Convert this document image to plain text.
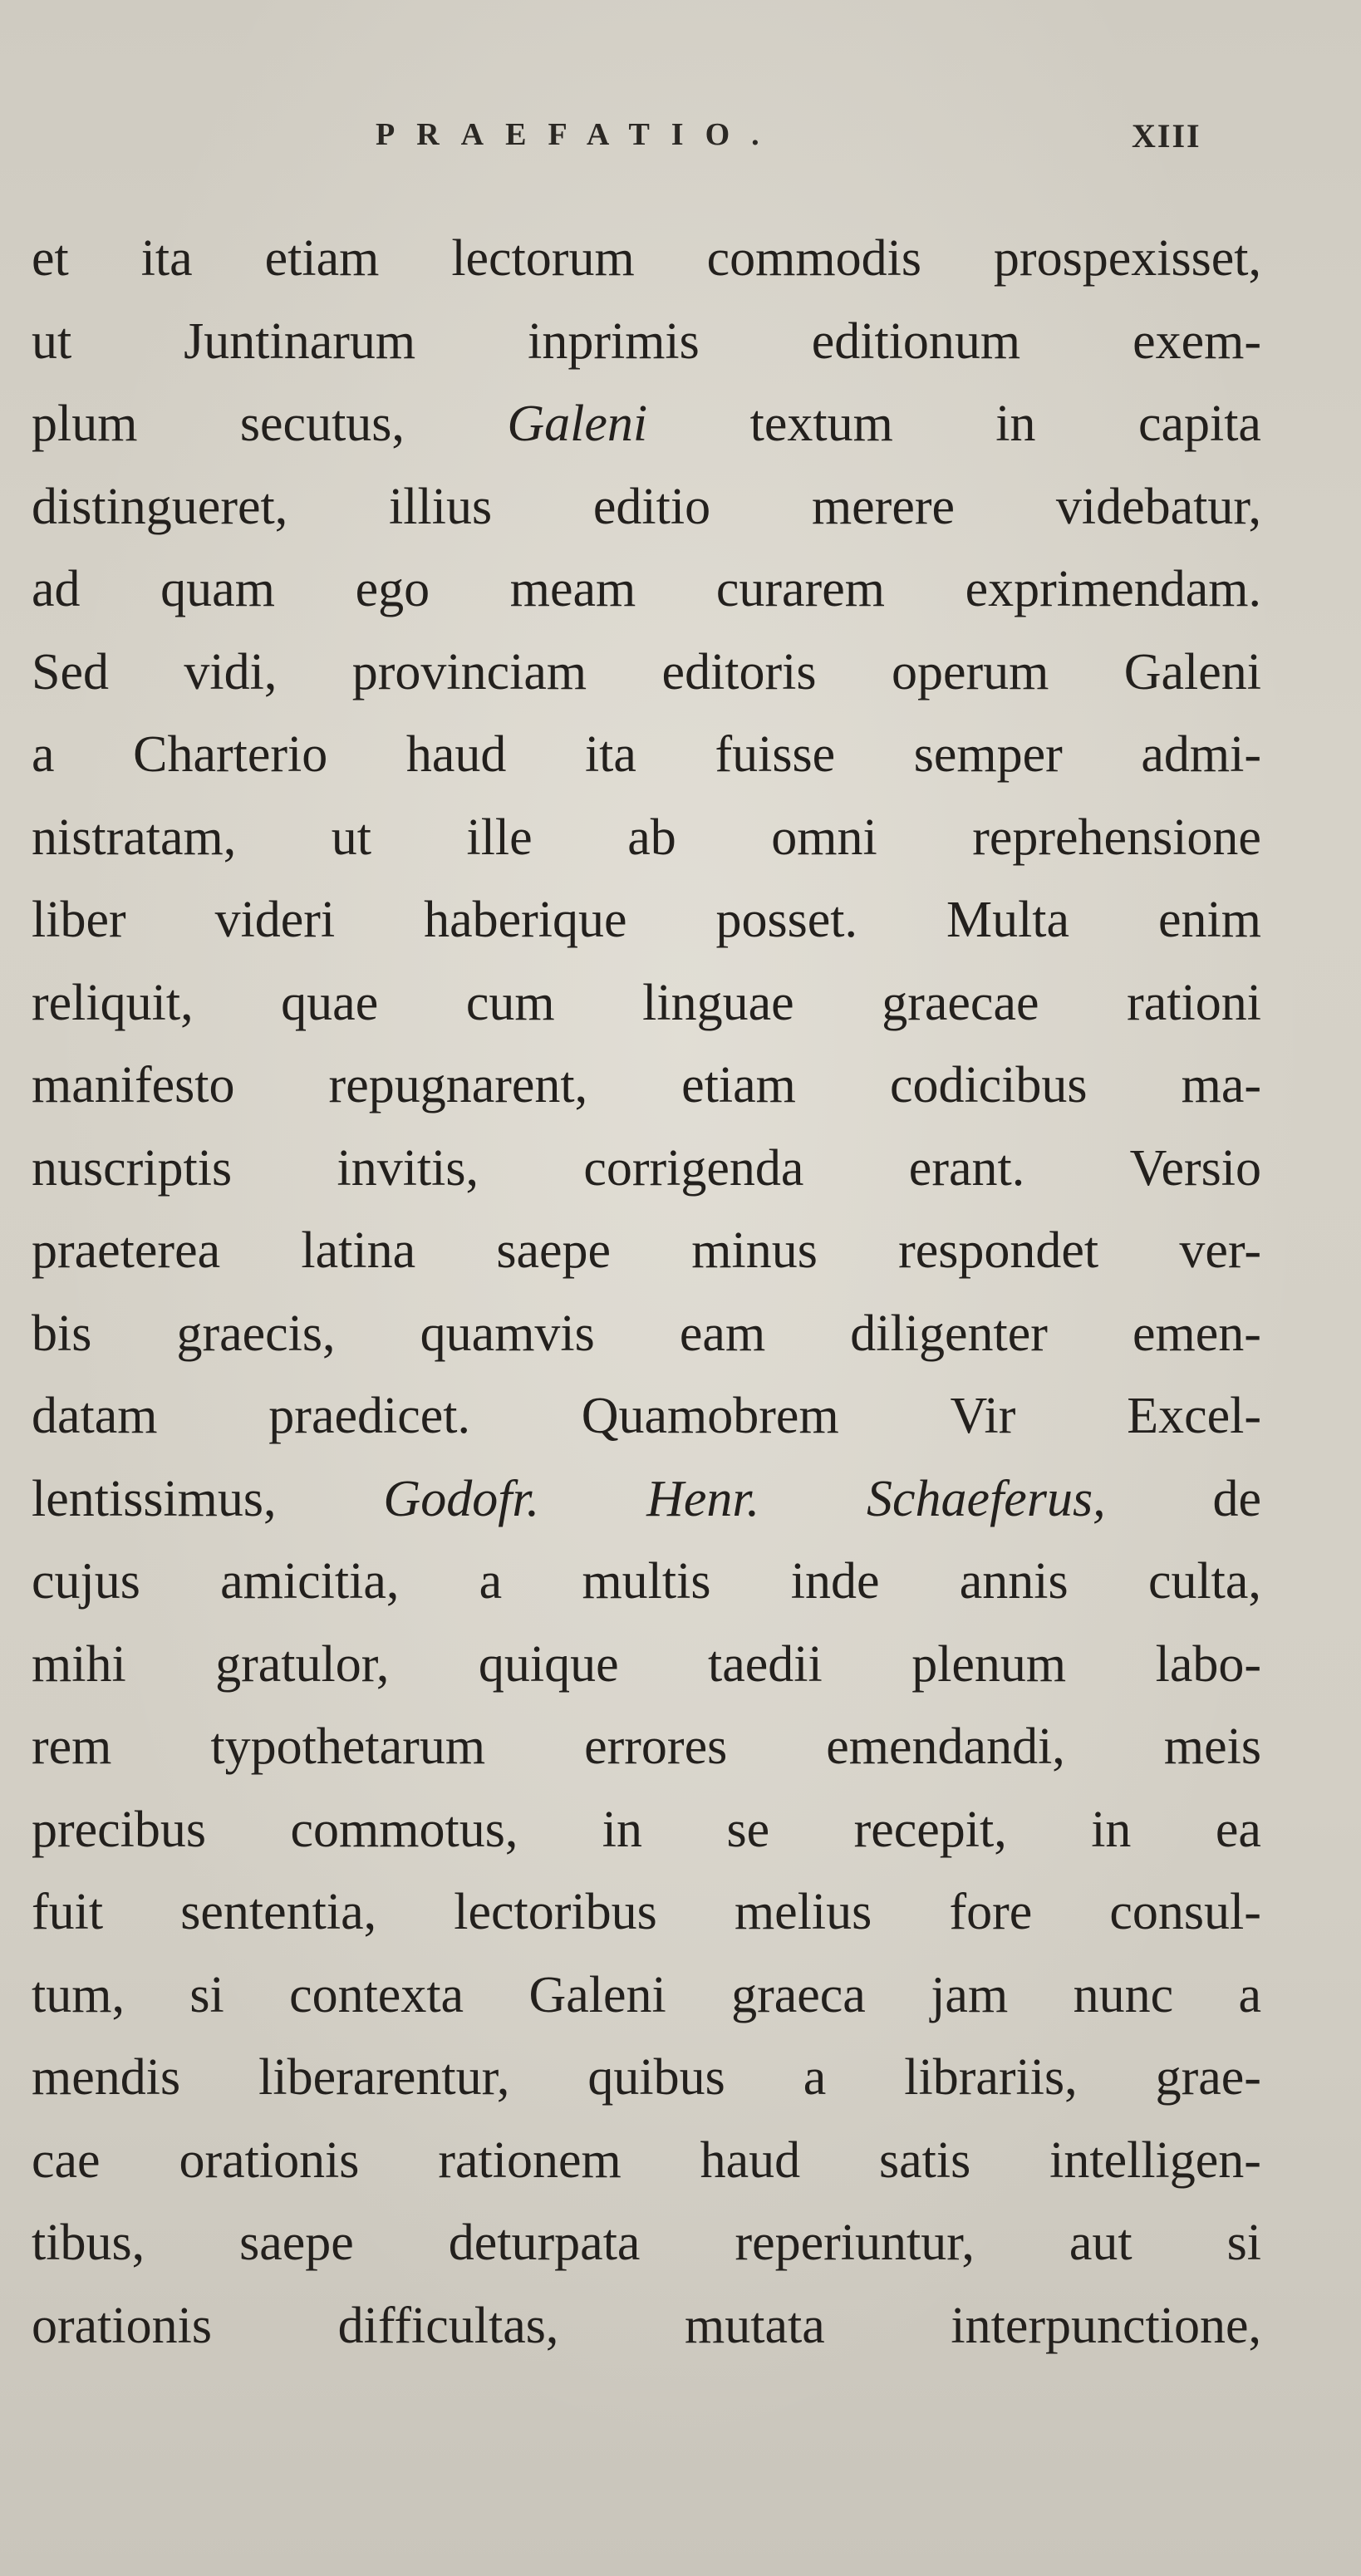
PRAEFATIO.	XIII
et ita etiam lectorum commodis prospexisset,
ut Juntinarum inprimis editionum exem-
plum secutus, Galeni textum in capita
distingueret, illius editio merere videbatur,
ad quam ego meam curarem exprimendam.
Sed vidi, provinciam editoris operum Galeni
a Charterio haud ita fuisse semper admi-
nistratam, ut ille ab omni reprehensione
liber videri haberique posset. Multa enim
reliquit, quae cum linguae graecae rationi
manifesto repugnarent, etiam codicibus ma-
nuscriptis invitis, corrigenda erant. Versio
praeterea latina saepe minus respondet ver-
bis graecis, quamvis eam diligenter emen-
datam praedicet. Quamobrem Vir Excel-
lentissimus, Godofr. Henr. Schaeferus, de
cujus amicitia, a multis inde annis culta,
mihi gratulor, quique taedii plenum labo-
rem typothetarum errores emendandi, meis
precibus commotus, in se recepit, in ea
fuit sententia, lectoribus melius fore consul-
tum, si contexta Galeni graeca jam nunc a
mendis liberarentur, quibus a librariis, grae-
cae orationis rationem haud satis intelligen-
tibus, saepe deturpata reperiuntur, aut si
orationis difficultas, mutata interpunctione,
